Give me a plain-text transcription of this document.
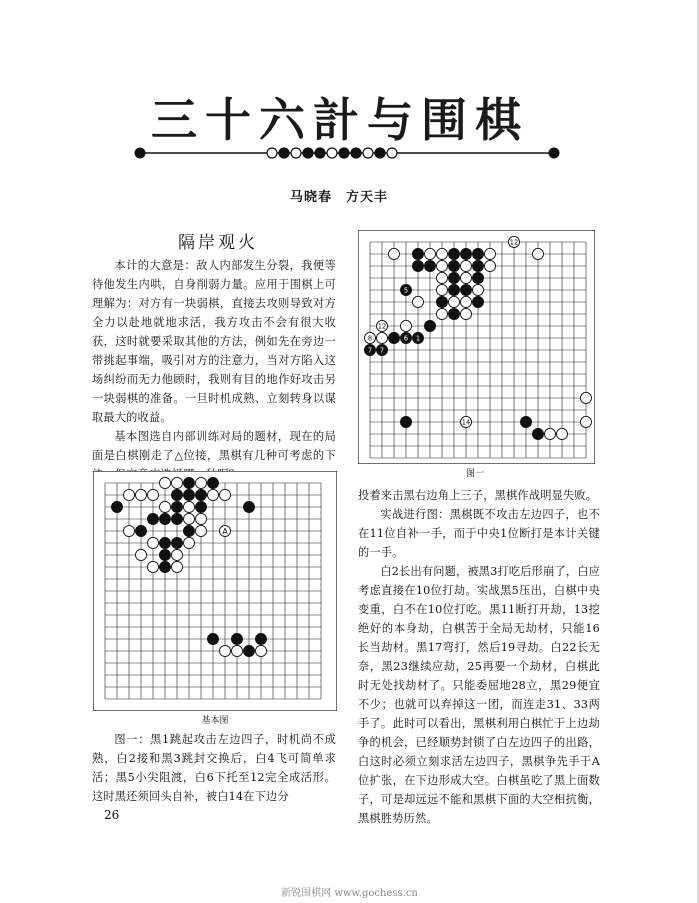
三十六計与围棋
马晓春　方天丰
隔岸观火

本计的大意是：敌人内部发生分裂，我便等待他发生内哄，自身削弱力量。应用于围棋上可理解为：对方有一块弱棋，直接去攻则导致对方全力以赴地就地求活，我方攻击不会有很大收获，这时就要采取其他的方法，例如先在旁边一带挑起事端，吸引对方的注意力，当对方陷入这场纠纷而无力他顾时，我则有目的地作好攻击另一块弱棋的准备。一旦时机成熟、立刻转身以谋取最大的收益。

基本图选自内部训练对局的题材，现在的局面是白棋刚走了△位接，黑棋有几种可考虑的下

A
基本图

图一：黑1跳起攻击左边四子，时机尚不成熟，白2接和黑3跳封交换后，白4飞可简单求活；黑5小尖阻渡，白6下托至12完全成活形。这时黑还须回头自补，被白14在下边分

26
12
5
12
8	6 1
7 7
14
图一

投着来击黑右边角上三子，黑棋作战明显失败。

实战进行图：黑棋既不攻击左边四子，也不在11位自补一手，而于中央1位断打是本计关键的一手。

白2长出有问题，被黑3打吃后形崩了，白应考虑直接在10位打劫。实战黑5压出，白棋中央变重，白不在10位打吃。黑11断打开劫，13挖绝好的本身劫，白棋苦于全局无劫材，只能16长当劫材。黑17弯打，然后19寻劫。白22长无奈，黑23继续应劫，25再要一个劫材，白棋此时无处找劫材了。只能委屈地28立，黑29便宜不少；也就可以弃掉这一团，而连走31、33两手了。此时可以看出，黑棋利用白棋忙于上边劫争的机会，已经顺势封锁了白左边四子的出路，白这时必须立刻求活左边四子，黑棋争先手于A位扩张，在下边形成大空。白棋虽吃了黑上面数子，可是却远远不能和黑棋下面的大空相抗衡，黑棋胜势历然。

新锐围棋网 www.gochess.cn
